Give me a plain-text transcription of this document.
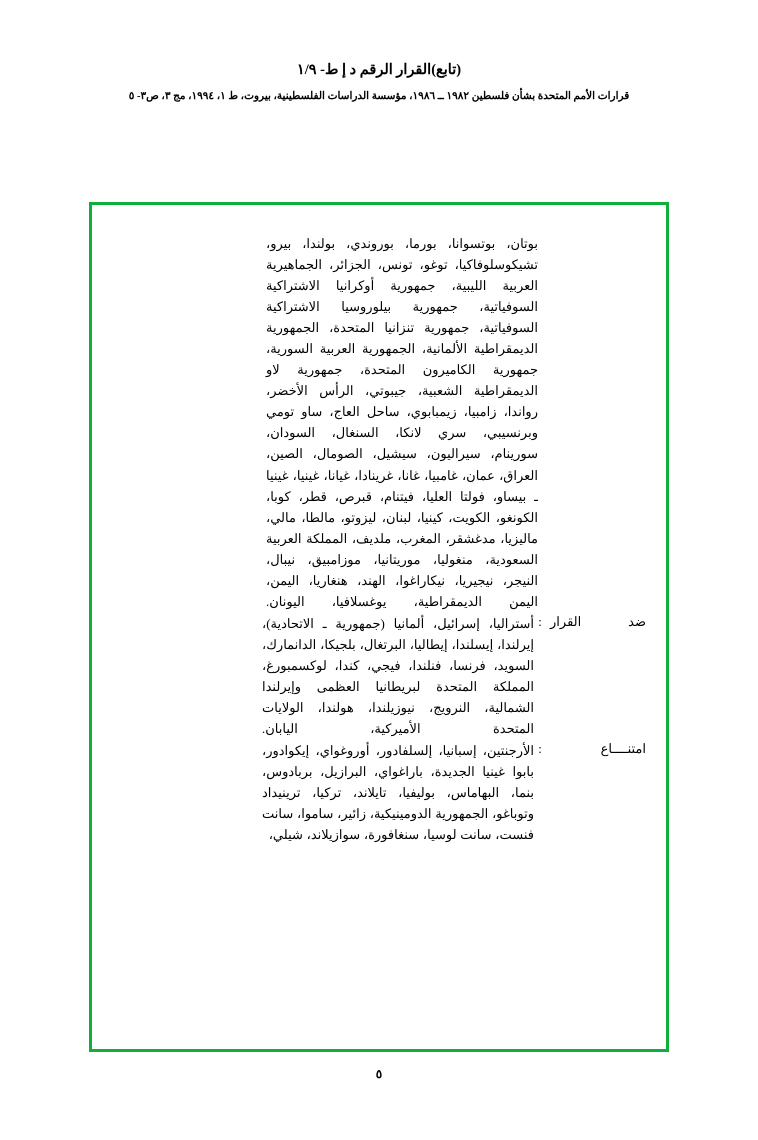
(تابع)القرار الرقم د إ ط- ١/٩
قرارات الأمم المتحدة بشأن فلسطين ١٩٨٢ ــ ١٩٨٦، مؤسسة الدراسات الفلسطينية، بيروت، ط ١، ١٩٩٤، مج ٣، ص٣- ٥
بوتان، بوتسوانا، بورما، بوروندي، بولندا، بيرو، تشيكوسلوفاكيا، توغو، تونس، الجزائر، الجماهيرية العربية الليبية، جمهورية أوكرانيا الاشتراكية السوفياتية، جمهورية بيلوروسيا الاشتراكية السوفياتية، جمهورية تنزانيا المتحدة، الجمهورية الديمقراطية الألمانية، الجمهورية العربية السورية، جمهورية الكاميرون المتحدة، جمهورية لاو الديمقراطية الشعبية، جيبوتي، الرأس الأخضر، رواندا، زامبيا، زيمبابوي، ساحل العاج، ساو تومي وبرنسيبي، سري لانكا، السنغال، السودان، سورينام، سيراليون، سيشيل، الصومال، الصين، العراق، عمان، غامبيا، غانا، غرينادا، غيانا، غينيا، غينيا ـ بيساو، فولتا العليا، فيتنام، قبرص، قطر، كوبا، الكونغو، الكويت، كينيا، لبنان، ليزوتو، مالطا، مالي، ماليزيا، مدغشقر، المغرب، ملديف، المملكة العربية السعودية، منغوليا، موريتانيا، موزامبيق، نيبال، النيجر، نيجيريا، نيكاراغوا، الهند، هنغاريا، اليمن، اليمن الديمقراطية، يوغسلافيا، اليونان.
ضد القرار
:
أستراليا، إسرائيل، ألمانيا (جمهورية ـ الاتحادية)، إيرلندا، إيسلندا، إيطاليا، البرتغال، بلجيكا، الدانمارك، السويد، فرنسا، فنلندا، فيجي، كندا، لوكسمبورغ، المملكة المتحدة لبريطانيا العظمى وإيرلندا الشمالية، النرويج، نيوزيلندا، هولندا، الولايات المتحدة الأميركية، اليابان.
امتنــــاع
:
الأرجنتين، إسبانيا، إلسلفادور، أوروغواي، إيكوادور، بابوا غينيا الجديدة، باراغواي، البرازيل، بربادوس، بنما، البهاماس، بوليفيا، تايلاند، تركيا، ترينيداد وتوباغو، الجمهورية الدومينيكية، زائير، ساموا، سانت فنست، سانت لوسيا، سنغافورة، سوازيلاند، شيلي،
٥
